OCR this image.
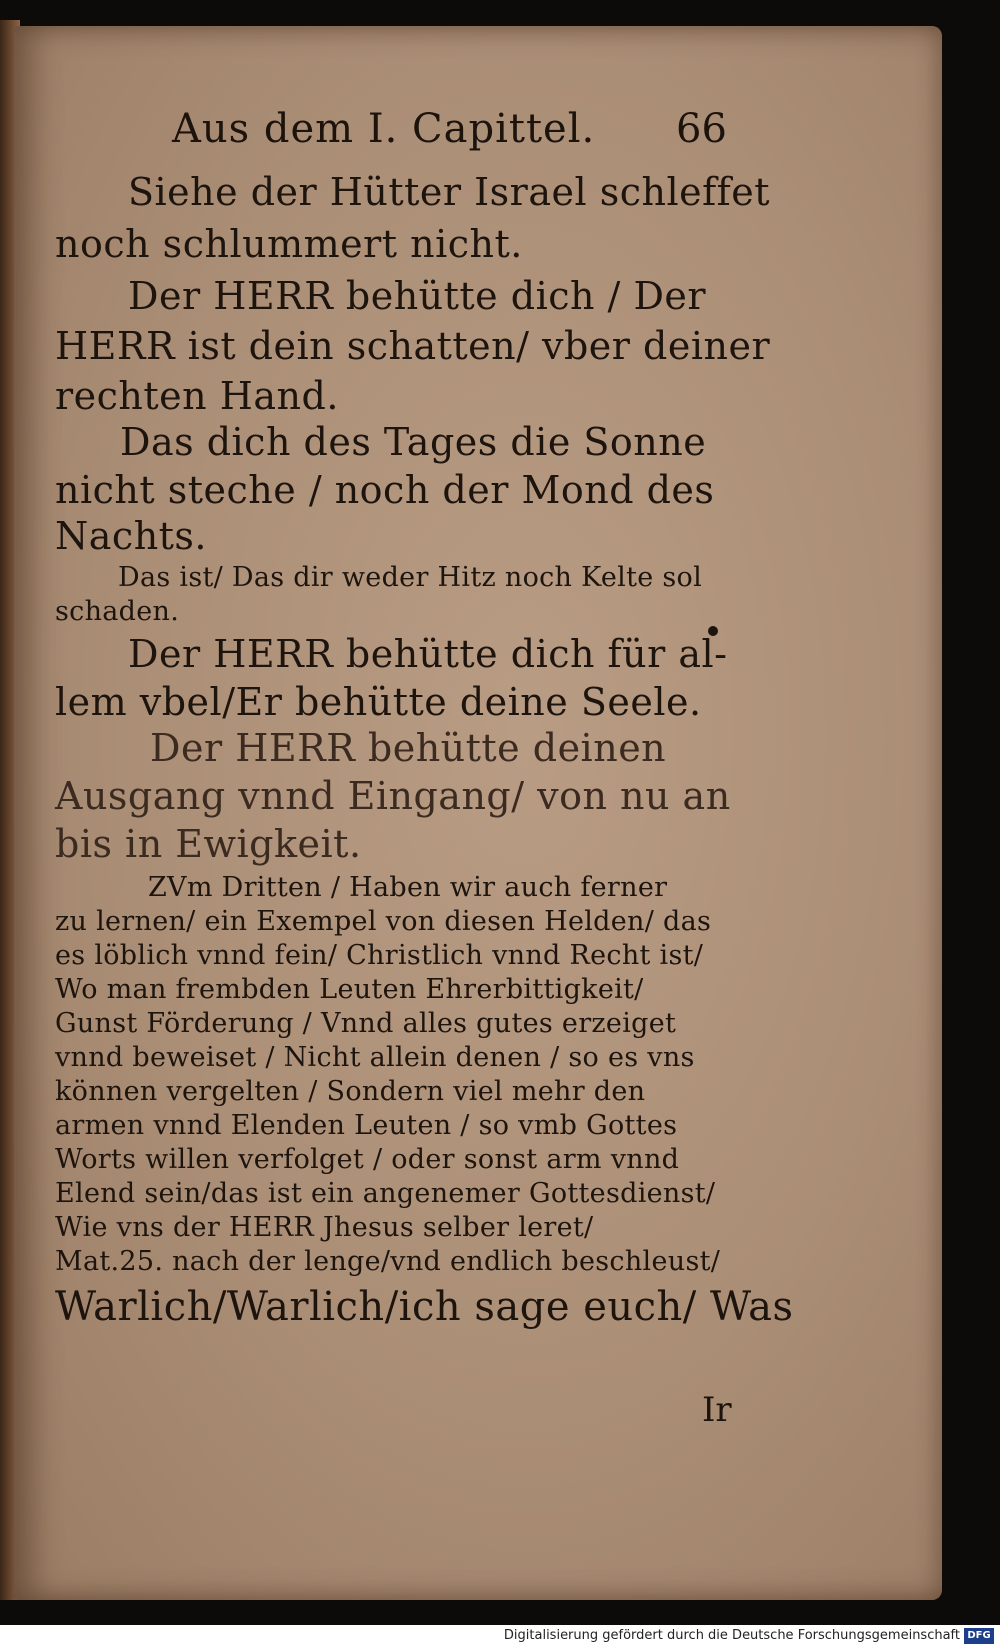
Aus dem I. Capittel. 66
Siehe der Hütter Israel schleffet
noch schlummert nicht.
Der HERR behütte dich / Der
HERR ist dein schatten/ vber deiner
rechten Hand.
Das dich des Tages die Sonne
nicht steche / noch der Mond des
Nachts.
Das ist/ Das dir weder Hitz noch Kelte sol
schaden.
Der HERR behütte dich für al-
lem vbel/Er behütte deine Seele.
Der HERR behütte deinen
Ausgang vnnd Eingang/ von nu an
bis in Ewigkeit.
ZVm Dritten / Haben wir auch ferner
zu lernen/ ein Exempel von diesen Helden/ das
es löblich vnnd fein/ Christlich vnnd Recht ist/
Wo man frembden Leuten Ehrerbittigkeit/
Gunst Förderung / Vnnd alles gutes erzeiget
vnnd beweiset / Nicht allein denen / so es vns
können vergelten / Sondern viel mehr den
armen vnnd Elenden Leuten / so vmb Gottes
Worts willen verfolget / oder sonst arm vnnd
Elend sein/das ist ein angenemer Gottesdienst/
Wie vns der HERR Jhesus selber leret/
Mat.25. nach der lenge/vnd endlich beschleust/
Warlich/Warlich/ich sage euch/ Was
Ir
Digitalisierung gefördert durch die Deutsche Forschungsgemeinschaft DFG
